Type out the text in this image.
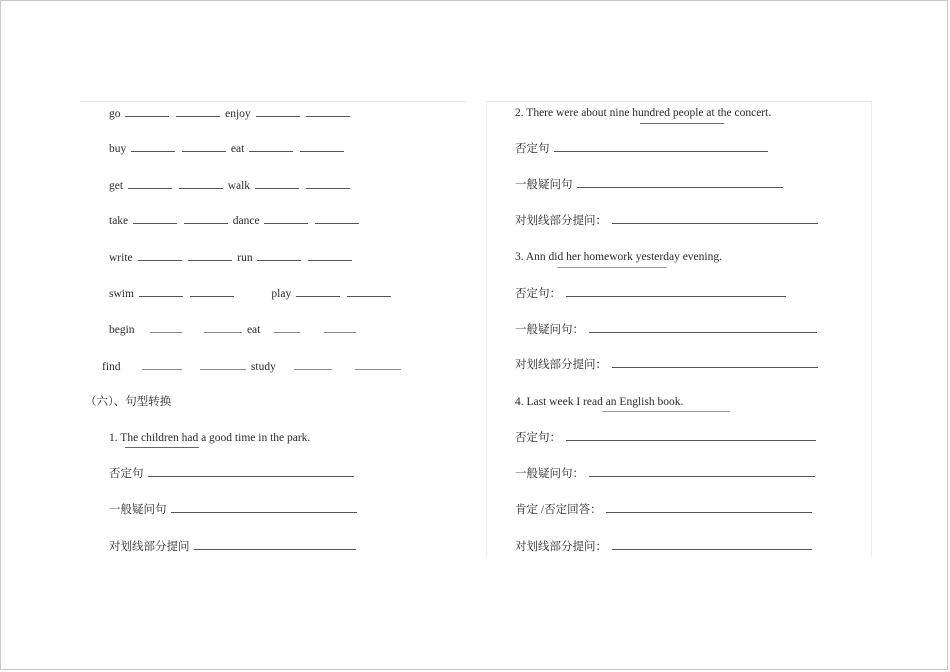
go	enjoy
buy	eat
get	walk
take	dance
write	run
swim	play
begin	eat
find	study
（六）、句型转换
1. The children had a good time in the park.
否定句
一般疑问句
对划线部分提问
2. There were about nine hundred people at the concert.
否定句
一般疑问句
对划线部分提问：
3. Ann did her homework yesterday evening.
否定句：
一般疑问句：
对划线部分提问：
4. Last week I read an English book.
否定句：
一般疑问句：
肯定 /否定回答：
对划线部分提问：
